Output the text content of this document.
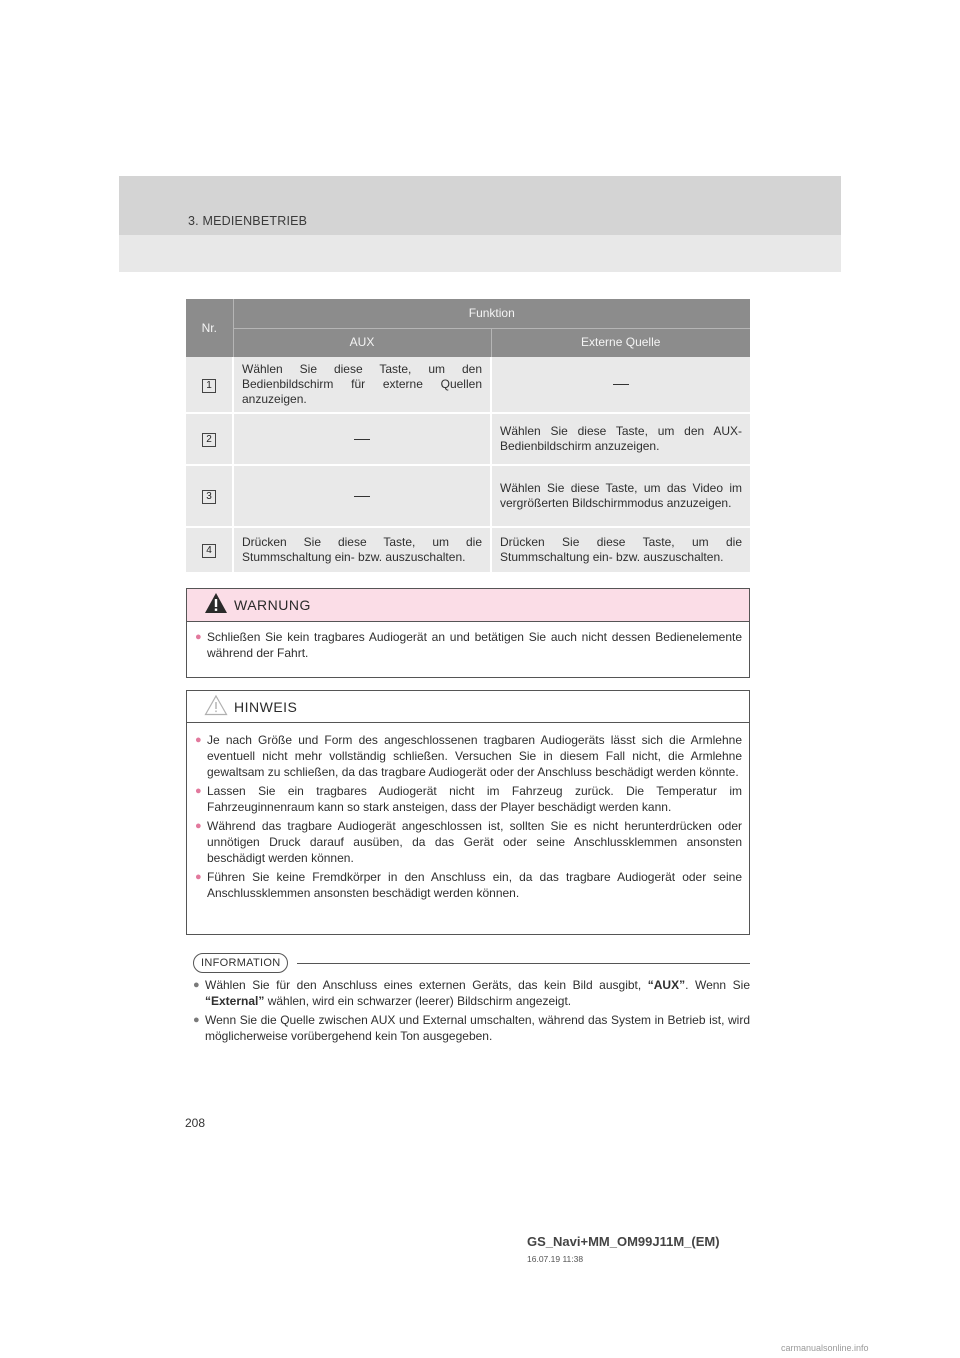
3. MEDIENBETRIEB
Nr.	Funktion	
	AUX	Externe Quelle
1	Wählen Sie diese Taste, um den Bedienbildschirm für externe Quellen anzuzeigen.	
2		Wählen Sie diese Taste, um den AUX-Bedienbildschirm anzuzeigen.
3		Wählen Sie diese Taste, um das Video im vergrößerten Bildschirmmodus anzuzeigen.
4	Drücken Sie diese Taste, um die Stummschaltung ein- bzw. auszuschalten.	Drücken Sie diese Taste, um die Stummschaltung ein- bzw. auszuschalten.
WARNUNG
● Schließen Sie kein tragbares Audiogerät an und betätigen Sie auch nicht dessen Bedienelemente während der Fahrt.
HINWEIS
● Je nach Größe und Form des angeschlossenen tragbaren Audiogeräts lässt sich die Armlehne eventuell nicht mehr vollständig schließen. Versuchen Sie in diesem Fall nicht, die Armlehne gewaltsam zu schließen, da das tragbare Audiogerät oder der Anschluss beschädigt werden könnte.
● Lassen Sie ein tragbares Audiogerät nicht im Fahrzeug zurück. Die Temperatur im Fahrzeuginnenraum kann so stark ansteigen, dass der Player beschädigt werden kann.
● Während das tragbare Audiogerät angeschlossen ist, sollten Sie es nicht herunterdrücken oder unnötigen Druck darauf ausüben, da das Gerät oder seine Anschlussklemmen ansonsten beschädigt werden können.
● Führen Sie keine Fremdkörper in den Anschluss ein, da das tragbare Audiogerät oder seine Anschlussklemmen ansonsten beschädigt werden können.
INFORMATION
● Wählen Sie für den Anschluss eines externen Geräts, das kein Bild ausgibt, “AUX”. Wenn Sie “External” wählen, wird ein schwarzer (leerer) Bildschirm angezeigt.
● Wenn Sie die Quelle zwischen AUX und External umschalten, während das System in Betrieb ist, wird möglicherweise vorübergehend kein Ton ausgegeben.
208
GS_Navi+MM_OM99J11M_(EM)
16.07.19 11:38
carmanualsonline.info
